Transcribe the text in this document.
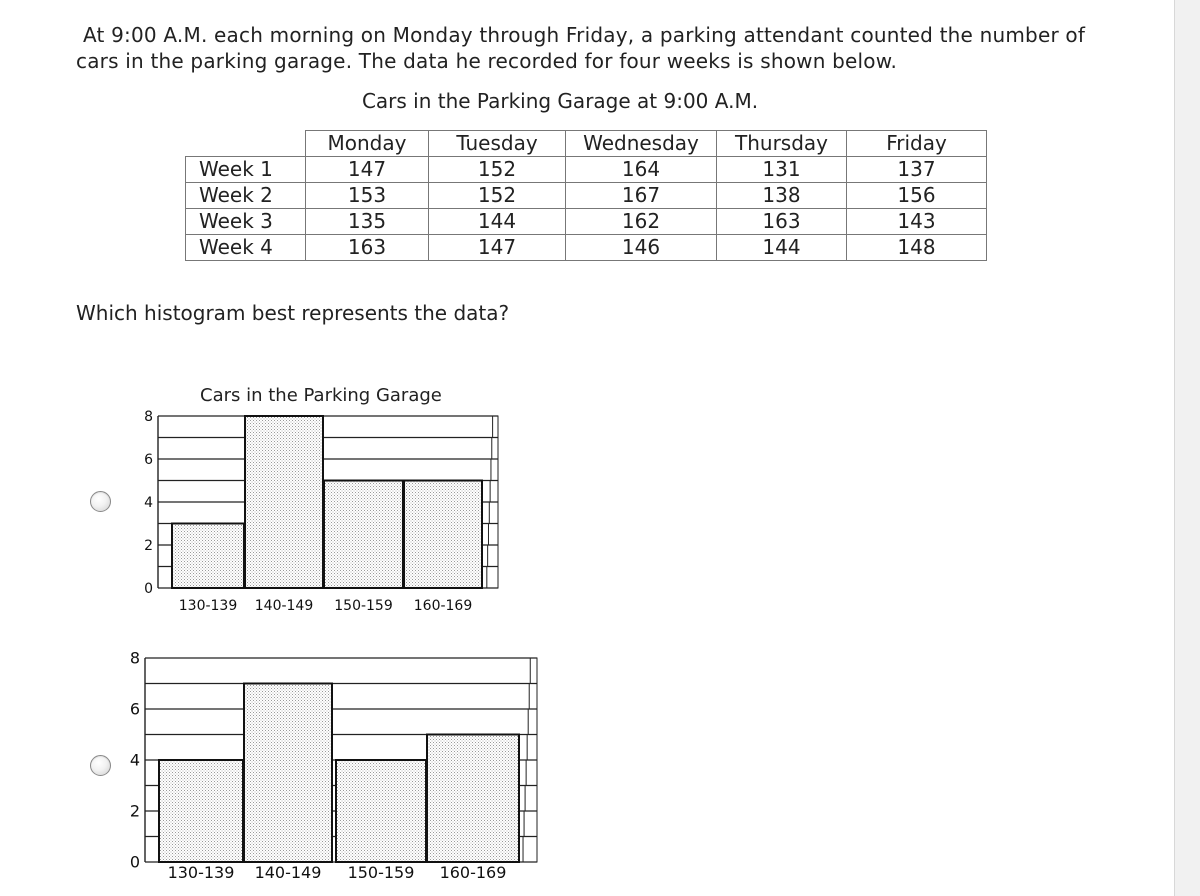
At 9:00 A.M. each morning on Monday through Friday, a parking attendant counted the number of
cars in the parking garage. The data he recorded for four weeks is shown below.

Cars in the Parking Garage at 9:00 A.M.
	Monday	Tuesday	Wednesday	Thursday	Friday
Week 1	147	152	164	131	137
Week 2	153	152	167	138	156
Week 3	135	144	162	163	143
Week 4	163	147	146	144	148

Which histogram best represents the data?

Cars in the Parking Garage
0
2
4
6
8
130-139 140-149 150-159 160-169
0
2
4
6
8
130-139 140-149 150-159 160-169
